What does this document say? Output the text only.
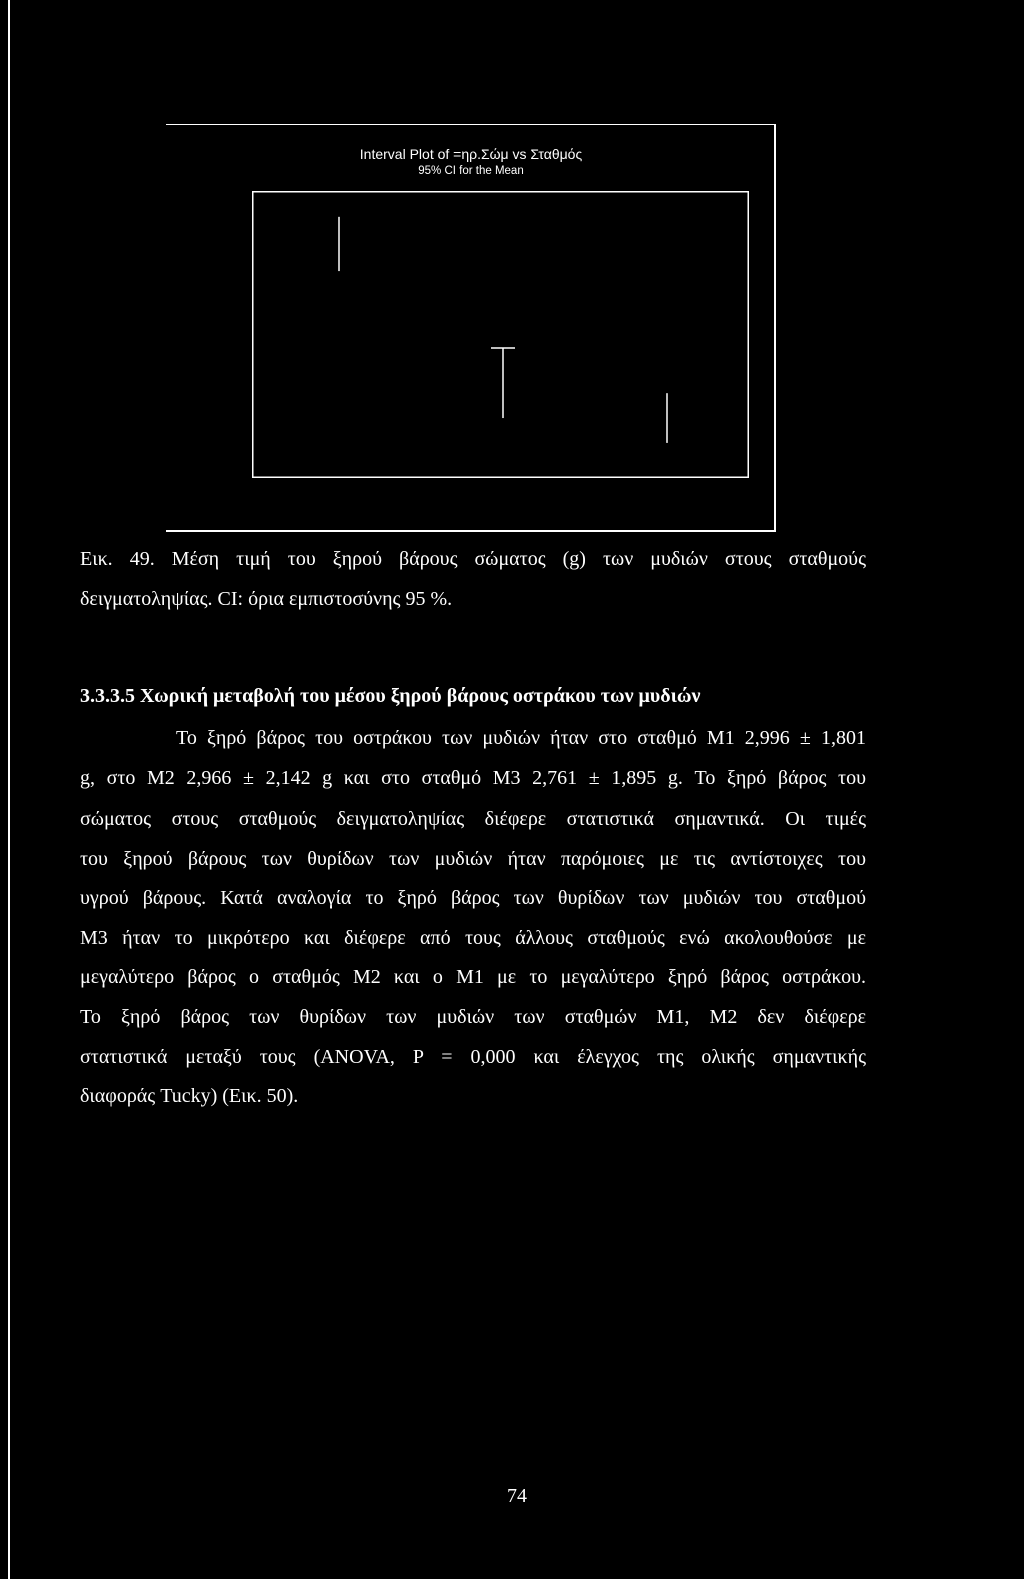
Interval Plot of =ηρ.Σώμ vs Σταθμός
95% CI for the Mean
Εικ. 49. Μέση τιμή του ξηρού βάρους σώματος (g) των μυδιών στους σταθμούς
δειγματοληψίας. CI: όρια εμπιστοσύνης 95 %.
3.3.3.5 Χωρική μεταβολή του μέσου ξηρού βάρους οστράκου των μυδιών
Το ξηρό βάρος του οστράκου των μυδιών ήταν στο σταθμό Μ1 2,996 ± 1,801
g, στο Μ2 2,966 ± 2,142 g και στο σταθμό Μ3 2,761 ± 1,895 g. Το ξηρό βάρος του
σώματος στους σταθμούς δειγματοληψίας διέφερε στατιστικά σημαντικά. Οι τιμές
του ξηρού βάρους των θυρίδων των μυδιών ήταν παρόμοιες με τις αντίστοιχες του
υγρού βάρους. Κατά αναλογία το ξηρό βάρος των θυρίδων των μυδιών του σταθμού
Μ3 ήταν το μικρότερο και διέφερε από τους άλλους σταθμούς ενώ ακολουθούσε με
μεγαλύτερο βάρος ο σταθμός Μ2 και ο Μ1 με το μεγαλύτερο ξηρό βάρος οστράκου.
Το ξηρό βάρος των θυρίδων των μυδιών των σταθμών Μ1, Μ2 δεν διέφερε
στατιστικά μεταξύ τους (ANOVA, P = 0,000 και έλεγχος της ολικής σημαντικής
διαφοράς Tucky) (Εικ. 50).
74
